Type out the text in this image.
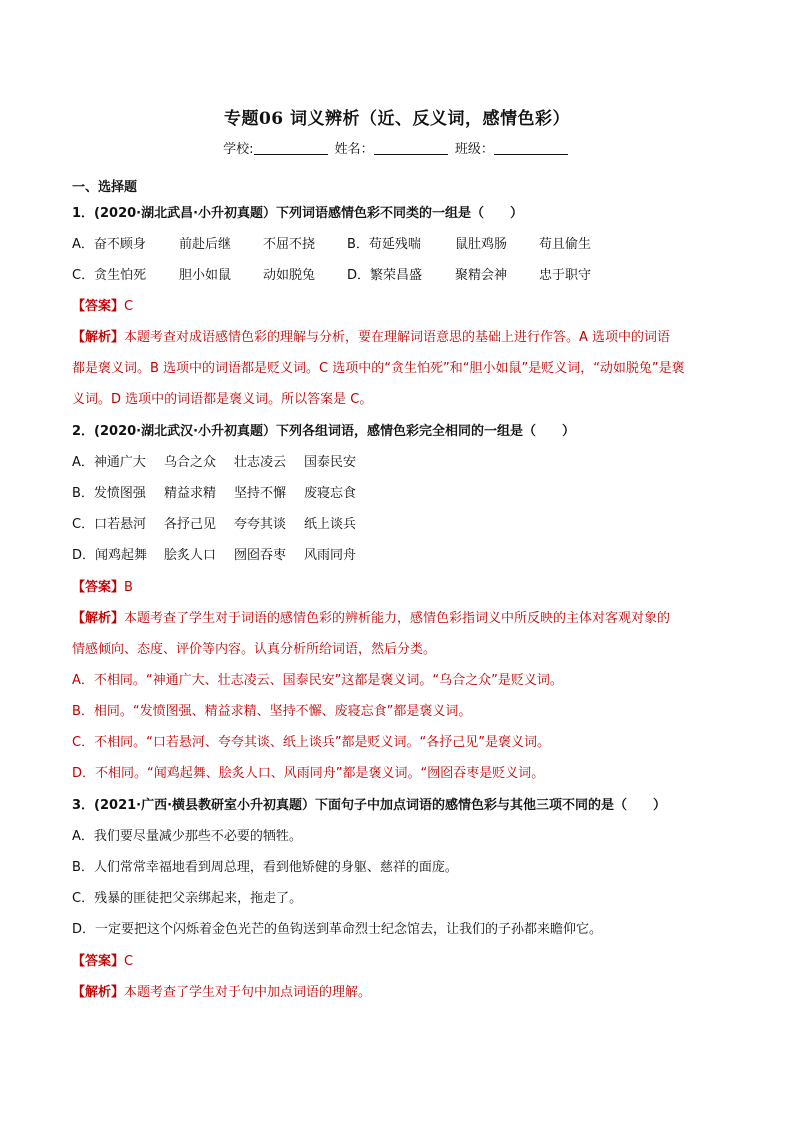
专题06 词义辨析（近、反义词，感情色彩）
学校:	姓名：	班级：
一、选择题
1．(2020·湖北武昌·小升初真题）下列词语感情色彩不同类的一组是（　　）
A．奋不顾身	前赴后继 不屈不挠 B．苟延残喘	鼠肚鸡肠 苟且偷生
C．贪生怕死	胆小如鼠 动如脱兔 D．繁荣昌盛	聚精会神 忠于职守
【答案】C
【解析】本题考查对成语感情色彩的理解与分析，要在理解词语意思的基础上进行作答。A 选项中的词语
都是褒义词。B 选项中的词语都是贬义词。C 选项中的“贪生怕死”和“胆小如鼠”是贬义词，“动如脱兔”是褒
义词。D 选项中的词语都是褒义词。所以答案是 C。
2．(2020·湖北武汉·小升初真题）下列各组词语，感情色彩完全相同的一组是（　　）
A．神通广大 乌合之众 壮志凌云 国泰民安
B．发愤图强 精益求精 坚持不懈 废寝忘食
C．口若悬河 各抒己见 夸夸其谈 纸上谈兵
D．闻鸡起舞 脍炙人口 囫囵吞枣 风雨同舟
【答案】B
【解析】本题考查了学生对于词语的感情色彩的辨析能力，感情色彩指词义中所反映的主体对客观对象的
情感倾向、态度、评价等内容。认真分析所给词语，然后分类。
A．不相同。“神通广大、壮志凌云、国泰民安”这都是褒义词。“乌合之众”是贬义词。
B．相同。“发愤图强、精益求精、坚持不懈、废寝忘食”都是褒义词。
C．不相同。“口若悬河、夸夸其谈、纸上谈兵”都是贬义词。“各抒己见”是褒义词。
D．不相同。“闻鸡起舞、脍炙人口、风雨同舟”都是褒义词。“囫囵吞枣是贬义词。
3．(2021·广西·横县教研室小升初真题）下面句子中加点词语的感情色彩与其他三项不同的是（　　）
A．我们要尽量减少那些不必要的牺牲。
B．人们常常幸福地看到周总理，看到他矫健的身躯、慈祥的面庞。
C．残暴的匪徒把父亲绑起来，拖走了。
D．一定要把这个闪烁着金色光芒的鱼钩送到革命烈士纪念馆去，让我们的子孙都来瞻仰它。
【答案】C
【解析】本题考查了学生对于句中加点词语的理解。
